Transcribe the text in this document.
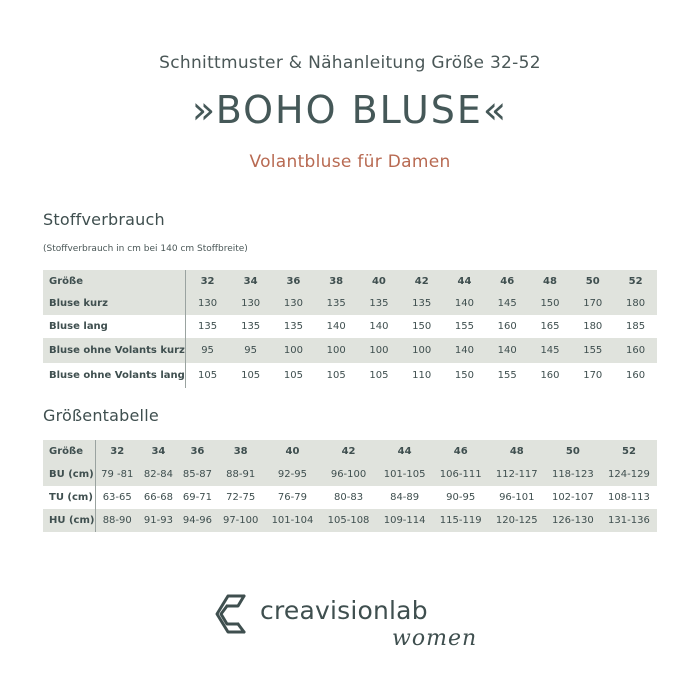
Schnittmuster & Nähanleitung Größe 32-52
»BOHO BLUSE«
Volantbluse für Damen
Stoffverbrauch
(Stoffverbrauch in cm bei 140 cm Stoffbreite)
Größe	32	34	36	38	40	42	44	46	48	50	52
Bluse kurz	130	130	130	135	135	135	140	145	150	170	180
Bluse lang	135	135	135	140	140	150	155	160	165	180	185
Bluse ohne Volants kurz	95	95	100	100	100	100	140	140	145	155	160
Bluse ohne Volants lang	105	105	105	105	105	110	150	155	160	170	160
Größentabelle
Größe	32	34	36	38	40	42	44	46	48	50	52
BU (cm)	79 -81	82-84	85-87	88-91	92-95	96-100	101-105	106-111	112-117	118-123	124-129
TU (cm)	63-65	66-68	69-71	72-75	76-79	80-83	84-89	90-95	96-101	102-107	108-113
HU (cm)	88-90	91-93	94-96	97-100	101-104	105-108	109-114	115-119	120-125	126-130	131-136
creavisionlab
women
